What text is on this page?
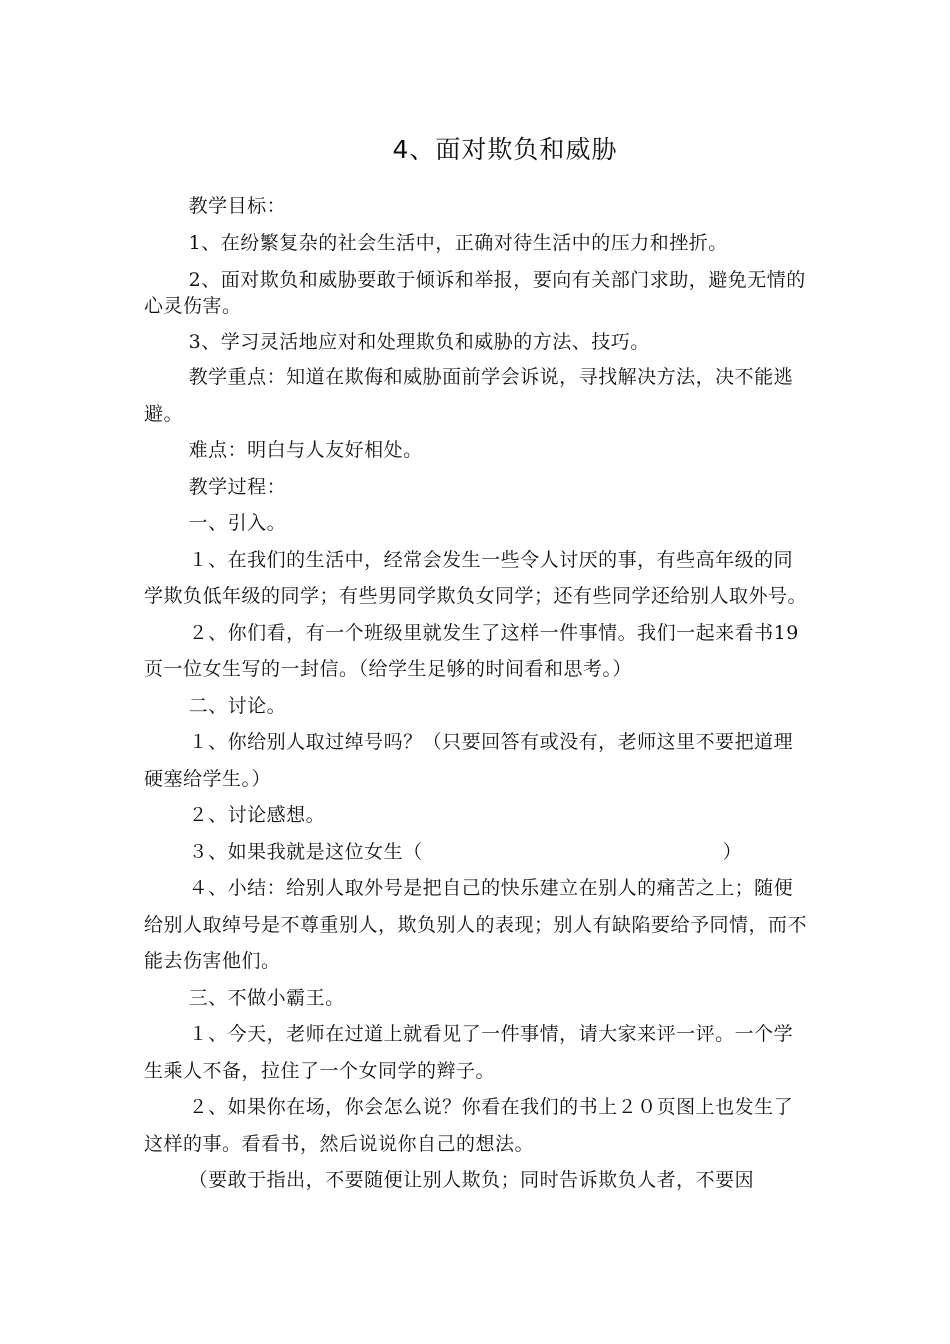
4、面对欺负和威胁

教学目标：

1、在纷繁复杂的社会生活中，正确对待生活中的压力和挫折。

2、面对欺负和威胁要敢于倾诉和举报，要向有关部门求助，避免无情的心灵伤害。

3、学习灵活地应对和处理欺负和威胁的方法、技巧。

教学重点：知道在欺侮和威胁面前学会诉说，寻找解决方法，决不能逃避。

难点：明白与人友好相处。

教学过程：

一、引入。

１、在我们的生活中，经常会发生一些令人讨厌的事，有些高年级的同学欺负低年级的同学；有些男同学欺负女同学；还有些同学还给别人取外号。

２、你们看，有一个班级里就发生了这样一件事情。我们一起来看书19页一位女生写的一封信。（给学生足够的时间看和思考。）

二、讨论。

１、你给别人取过绰号吗？（只要回答有或没有，老师这里不要把道理硬塞给学生。）

２、讨论感想。

３、如果我就是这位女生（	）

４、小结：给别人取外号是把自己的快乐建立在别人的痛苦之上；随便给别人取绰号是不尊重别人，欺负别人的表现；别人有缺陷要给予同情，而不能去伤害他们。

三、不做小霸王。

１、今天，老师在过道上就看见了一件事情，请大家来评一评。一个学生乘人不备，拉住了一个女同学的辫子。

２、如果你在场，你会怎么说？你看在我们的书上２０页图上也发生了这样的事。看看书，然后说说你自己的想法。

（要敢于指出，不要随便让别人欺负；同时告诉欺负人者，不要因
